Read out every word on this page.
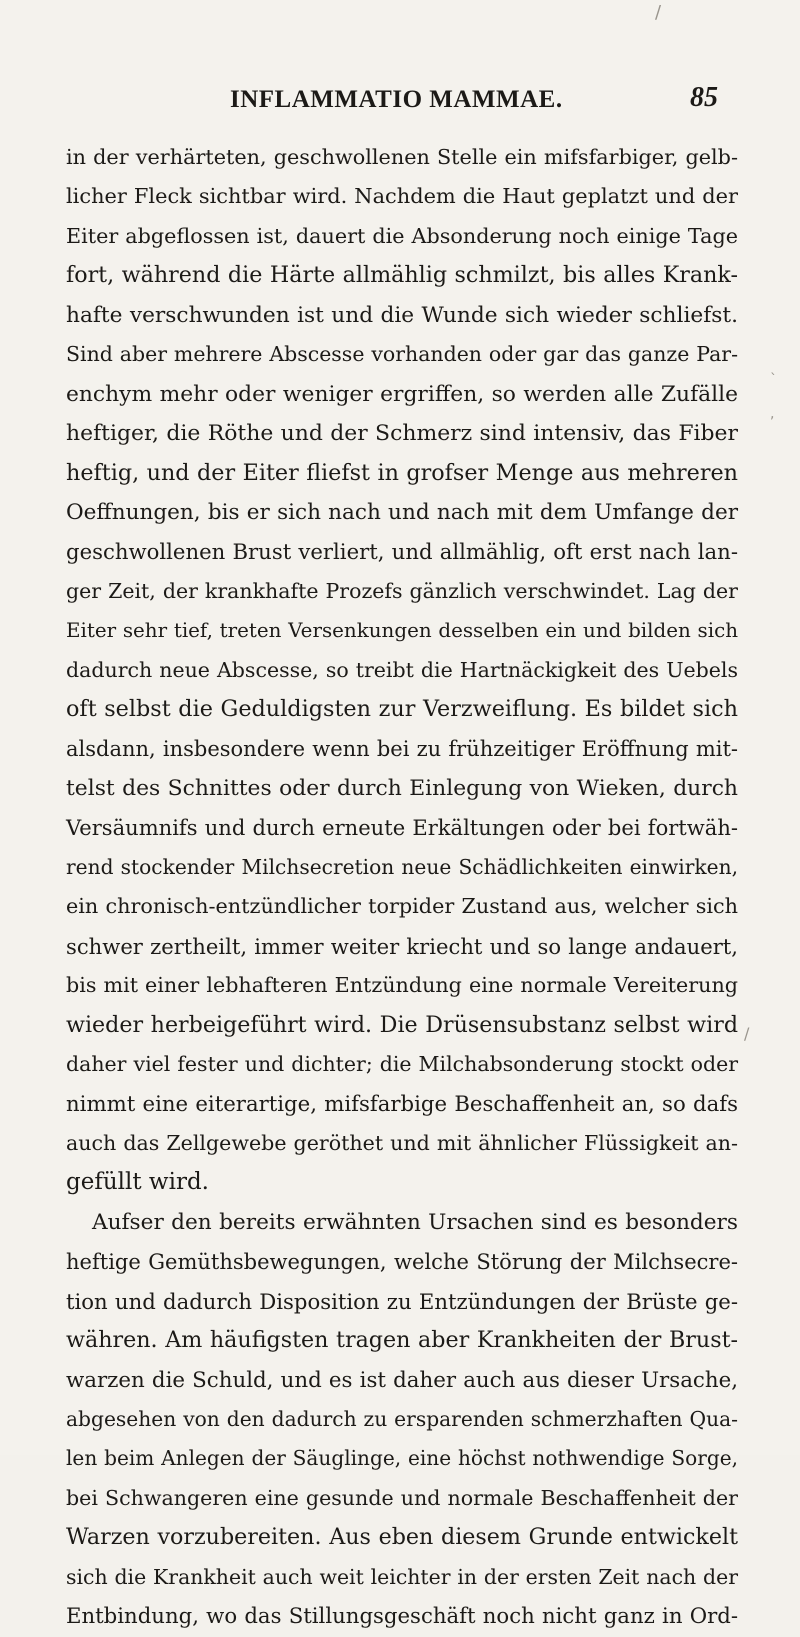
/
INFLAMMATIO MAMMAE.	85
`
,
/
in der verhärteten, geschwollenen Stelle ein mifsfarbiger, gelb-
licher Fleck sichtbar wird. Nachdem die Haut geplatzt und der
Eiter abgeflossen ist, dauert die Absonderung noch einige Tage
fort, während die Härte allmählig schmilzt, bis alles Krank-
hafte verschwunden ist und die Wunde sich wieder schliefst.
Sind aber mehrere Abscesse vorhanden oder gar das ganze Par-
enchym mehr oder weniger ergriffen, so werden alle Zufälle
heftiger, die Röthe und der Schmerz sind intensiv, das Fiber
heftig, und der Eiter fliefst in grofser Menge aus mehreren
Oeffnungen, bis er sich nach und nach mit dem Umfange der
geschwollenen Brust verliert, und allmählig, oft erst nach lan-
ger Zeit, der krankhafte Prozefs gänzlich verschwindet. Lag der
Eiter sehr tief, treten Versenkungen desselben ein und bilden sich
dadurch neue Abscesse, so treibt die Hartnäckigkeit des Uebels
oft selbst die Geduldigsten zur Verzweiflung. Es bildet sich
alsdann, insbesondere wenn bei zu frühzeitiger Eröffnung mit-
telst des Schnittes oder durch Einlegung von Wieken, durch
Versäumnifs und durch erneute Erkältungen oder bei fortwäh-
rend stockender Milchsecretion neue Schädlichkeiten einwirken,
ein chronisch-entzündlicher torpider Zustand aus, welcher sich
schwer zertheilt, immer weiter kriecht und so lange andauert,
bis mit einer lebhafteren Entzündung eine normale Vereiterung
wieder herbeigeführt wird. Die Drüsensubstanz selbst wird
daher viel fester und dichter; die Milchabsonderung stockt oder
nimmt eine eiterartige, mifsfarbige Beschaffenheit an, so dafs
auch das Zellgewebe geröthet und mit ähnlicher Flüssigkeit an-
gefüllt wird.
Aufser den bereits erwähnten Ursachen sind es besonders
heftige Gemüthsbewegungen, welche Störung der Milchsecre-
tion und dadurch Disposition zu Entzündungen der Brüste ge-
währen. Am häufigsten tragen aber Krankheiten der Brust-
warzen die Schuld, und es ist daher auch aus dieser Ursache,
abgesehen von den dadurch zu ersparenden schmerzhaften Qua-
len beim Anlegen der Säuglinge, eine höchst nothwendige Sorge,
bei Schwangeren eine gesunde und normale Beschaffenheit der
Warzen vorzubereiten. Aus eben diesem Grunde entwickelt
sich die Krankheit auch weit leichter in der ersten Zeit nach der
Entbindung, wo das Stillungsgeschäft noch nicht ganz in Ord-
